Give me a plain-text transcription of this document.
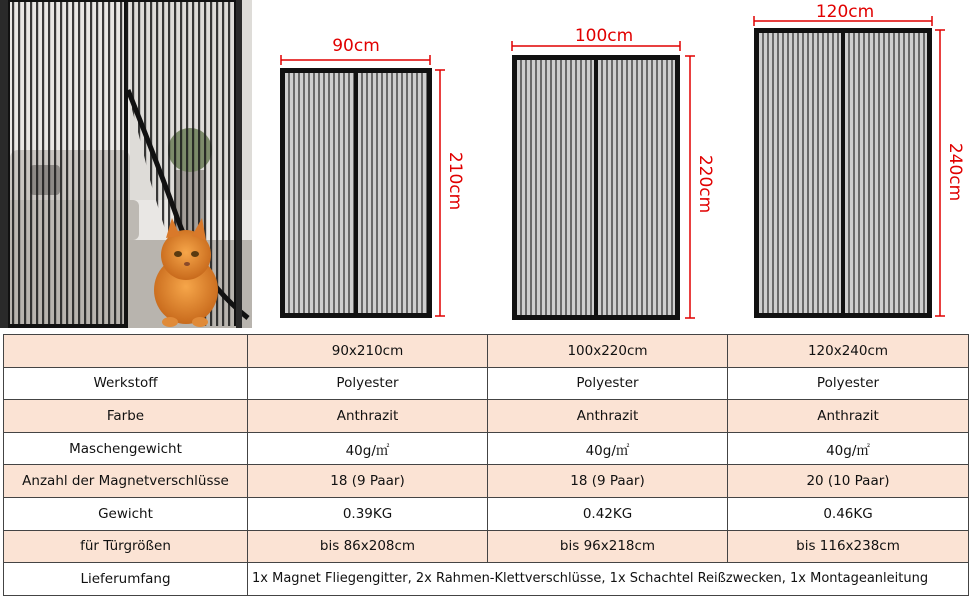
90cm
210cm
100cm
220cm
120cm
240cm
	90x210cm	100x220cm	120x240cm
Werkstoff	Polyester	Polyester	Polyester
Farbe	Anthrazit	Anthrazit	Anthrazit
Maschengewicht	40g/㎡	40g/㎡	40g/㎡
Anzahl der Magnetverschlüsse	18 (9 Paar)	18 (9 Paar)	20 (10 Paar)
Gewicht	0.39KG	0.42KG	0.46KG
für Türgrößen	bis 86x208cm	bis 96x218cm	bis 116x238cm
Lieferumfang	1x Magnet Fliegengitter, 2x Rahmen-Klettverschlüsse, 1x Schachtel Reißzwecken, 1x Montageanleitung		
